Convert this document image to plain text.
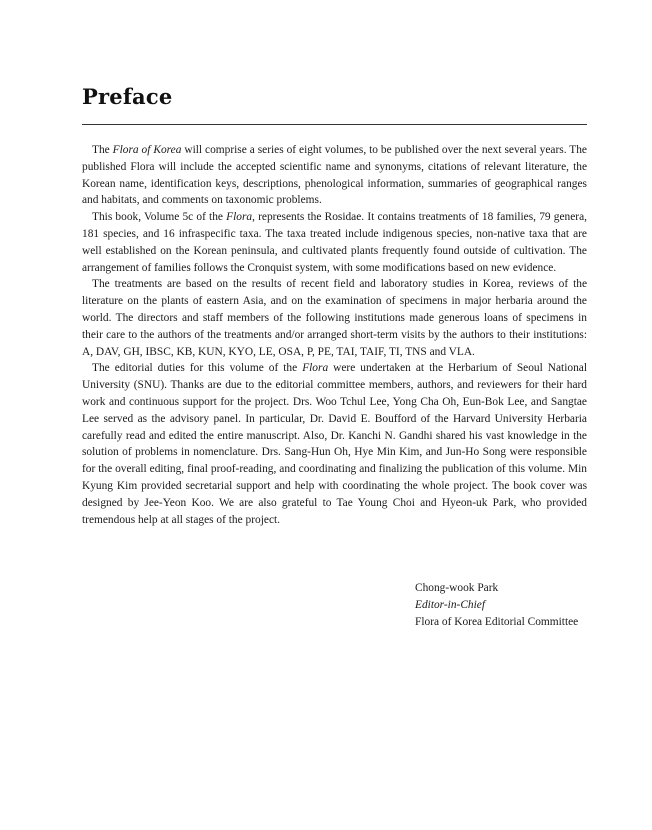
Preface

The Flora of Korea will comprise a series of eight volumes, to be published over the next several years. The published Flora will include the accepted scientific name and synonyms, citations of relevant literature, the Korean name, identification keys, descriptions, phenological information, summaries of geographical ranges and habitats, and comments on taxonomic problems.

This book, Volume 5c of the Flora, represents the Rosidae. It contains treatments of 18 families, 79 genera, 181 species, and 16 infraspecific taxa. The taxa treated include indigenous species, non-native taxa that are well established on the Korean peninsula, and cultivated plants frequently found outside of cultivation. The arrangement of families follows the Cronquist system, with some modifications based on new evidence.

The treatments are based on the results of recent field and laboratory studies in Korea, reviews of the literature on the plants of eastern Asia, and on the examination of specimens in major herbaria around the world. The directors and staff members of the following institutions made generous loans of specimens in their care to the authors of the treatments and/or arranged short-term visits by the authors to their institutions: A, DAV, GH, IBSC, KB, KUN, KYO, LE, OSA, P, PE, TAI, TAIF, TI, TNS and VLA.

The editorial duties for this volume of the Flora were undertaken at the Herbarium of Seoul National University (SNU). Thanks are due to the editorial committee members, authors, and reviewers for their hard work and continuous support for the project. Drs. Woo Tchul Lee, Yong Cha Oh, Eun-Bok Lee, and Sangtae Lee served as the advisory panel. In particular, Dr. David E. Boufford of the Harvard University Herbaria carefully read and edited the entire manuscript. Also, Dr. Kanchi N. Gandhi shared his vast knowledge in the solution of problems in nomenclature. Drs. Sang-Hun Oh, Hye Min Kim, and Jun-Ho Song were responsible for the overall editing, final proof-reading, and coordinating and finalizing the publication of this volume. Min Kyung Kim provided secretarial support and help with coordinating the whole project. The book cover was designed by Jee-Yeon Koo. We are also grateful to Tae Young Choi and Hyeon-uk Park, who provided tremendous help at all stages of the project.

Chong-wook Park
Editor-in-Chief
Flora of Korea Editorial Committee
